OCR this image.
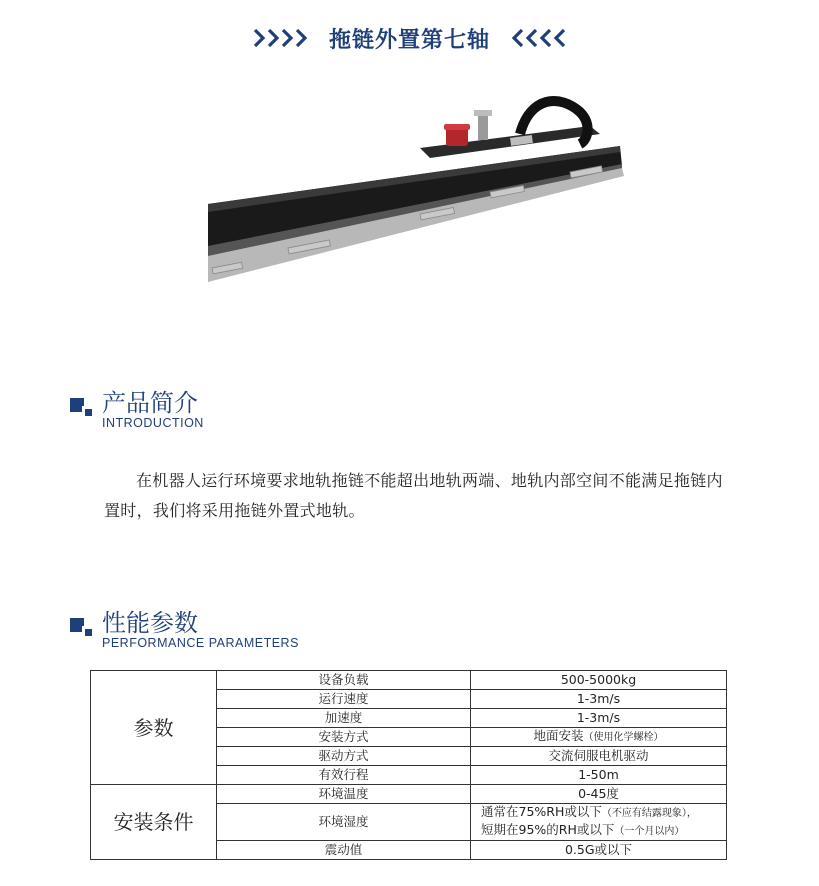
拖链外置第七轴
产品简介
INTRODUCTION
在机器人运行环境要求地轨拖链不能超出地轨两端、地轨内部空间不能满足拖链内置时，我们将采用拖链外置式地轨。
性能参数
PERFORMANCE PARAMETERS
参数	设备负载	500-5000kg
	运行速度	1-3m/s
	加速度	1-3m/s
	安装方式	地面安装（使用化学螺栓）
	驱动方式	交流伺服电机驱动
	有效行程	1-50m
安装条件	环境温度	0-45度
	环境湿度	通常在75%RH或以下（不应有结露现象），
短期在95%的RH或以下（一个月以内）

	震动值	0.5G或以下
